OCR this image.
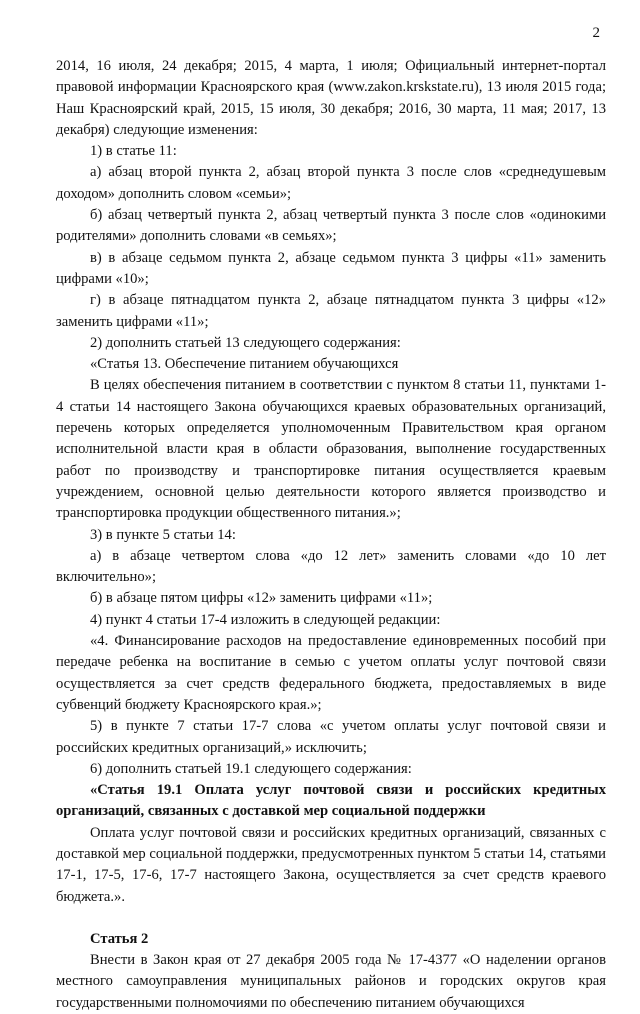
2

2014, 16 июля, 24 декабря; 2015, 4 марта, 1 июля; Официальный интернет-портал правовой информации Красноярского края (www.zakon.krskstate.ru), 13 июля 2015 года; Наш Красноярский край, 2015, 15 июля, 30 декабря; 2016, 30 марта, 11 мая; 2017, 13 декабря) следующие изменения:

1) в статье 11:

а) абзац второй пункта 2, абзац второй пункта 3 после слов «среднедушевым доходом» дополнить словом «семьи»;

б) абзац четвертый пункта 2, абзац четвертый пункта 3 после слов «одинокими родителями» дополнить словами «в семьях»;

в) в абзаце седьмом пункта 2, абзаце седьмом пункта 3 цифры «11» заменить цифрами «10»;

г) в абзаце пятнадцатом пункта 2, абзаце пятнадцатом пункта 3 цифры «12» заменить цифрами «11»;

2) дополнить статьей 13 следующего содержания:

«Статья 13. Обеспечение питанием обучающихся

В целях обеспечения питанием в соответствии с пунктом 8 статьи 11, пунктами 1-4 статьи 14 настоящего Закона обучающихся краевых образовательных организаций, перечень которых определяется уполномоченным Правительством края органом исполнительной власти края в области образования, выполнение государственных работ по производству и транспортировке питания осуществляется краевым учреждением, основной целью деятельности которого является производство и транспортировка продукции общественного питания.»;

3) в пункте 5 статьи 14:

а) в абзаце четвертом слова «до 12 лет» заменить словами «до 10 лет включительно»;

б) в абзаце пятом цифры «12» заменить цифрами «11»;

4) пункт 4 статьи 17-4 изложить в следующей редакции:

«4. Финансирование расходов на предоставление единовременных пособий при передаче ребенка на воспитание в семью с учетом оплаты услуг почтовой связи осуществляется за счет средств федерального бюджета, предоставляемых в виде субвенций бюджету Красноярского края.»;

5) в пункте 7 статьи 17-7 слова «с учетом оплаты услуг почтовой связи и российских кредитных организаций,» исключить;

6) дополнить статьей 19.1 следующего содержания:

«Статья 19.1 Оплата услуг почтовой связи и российских кредитных организаций, связанных с доставкой мер социальной поддержки

Оплата услуг почтовой связи и российских кредитных организаций, связанных с доставкой мер социальной поддержки, предусмотренных пунктом 5 статьи 14, статьями 17-1, 17-5, 17-6, 17-7 настоящего Закона, осуществляется за счет средств краевого бюджета.».

Статья 2

Внести в Закон края от 27 декабря 2005 года № 17-4377 «О наделении органов местного самоуправления муниципальных районов и городских округов края государственными полномочиями по обеспечению питанием обучающихся
